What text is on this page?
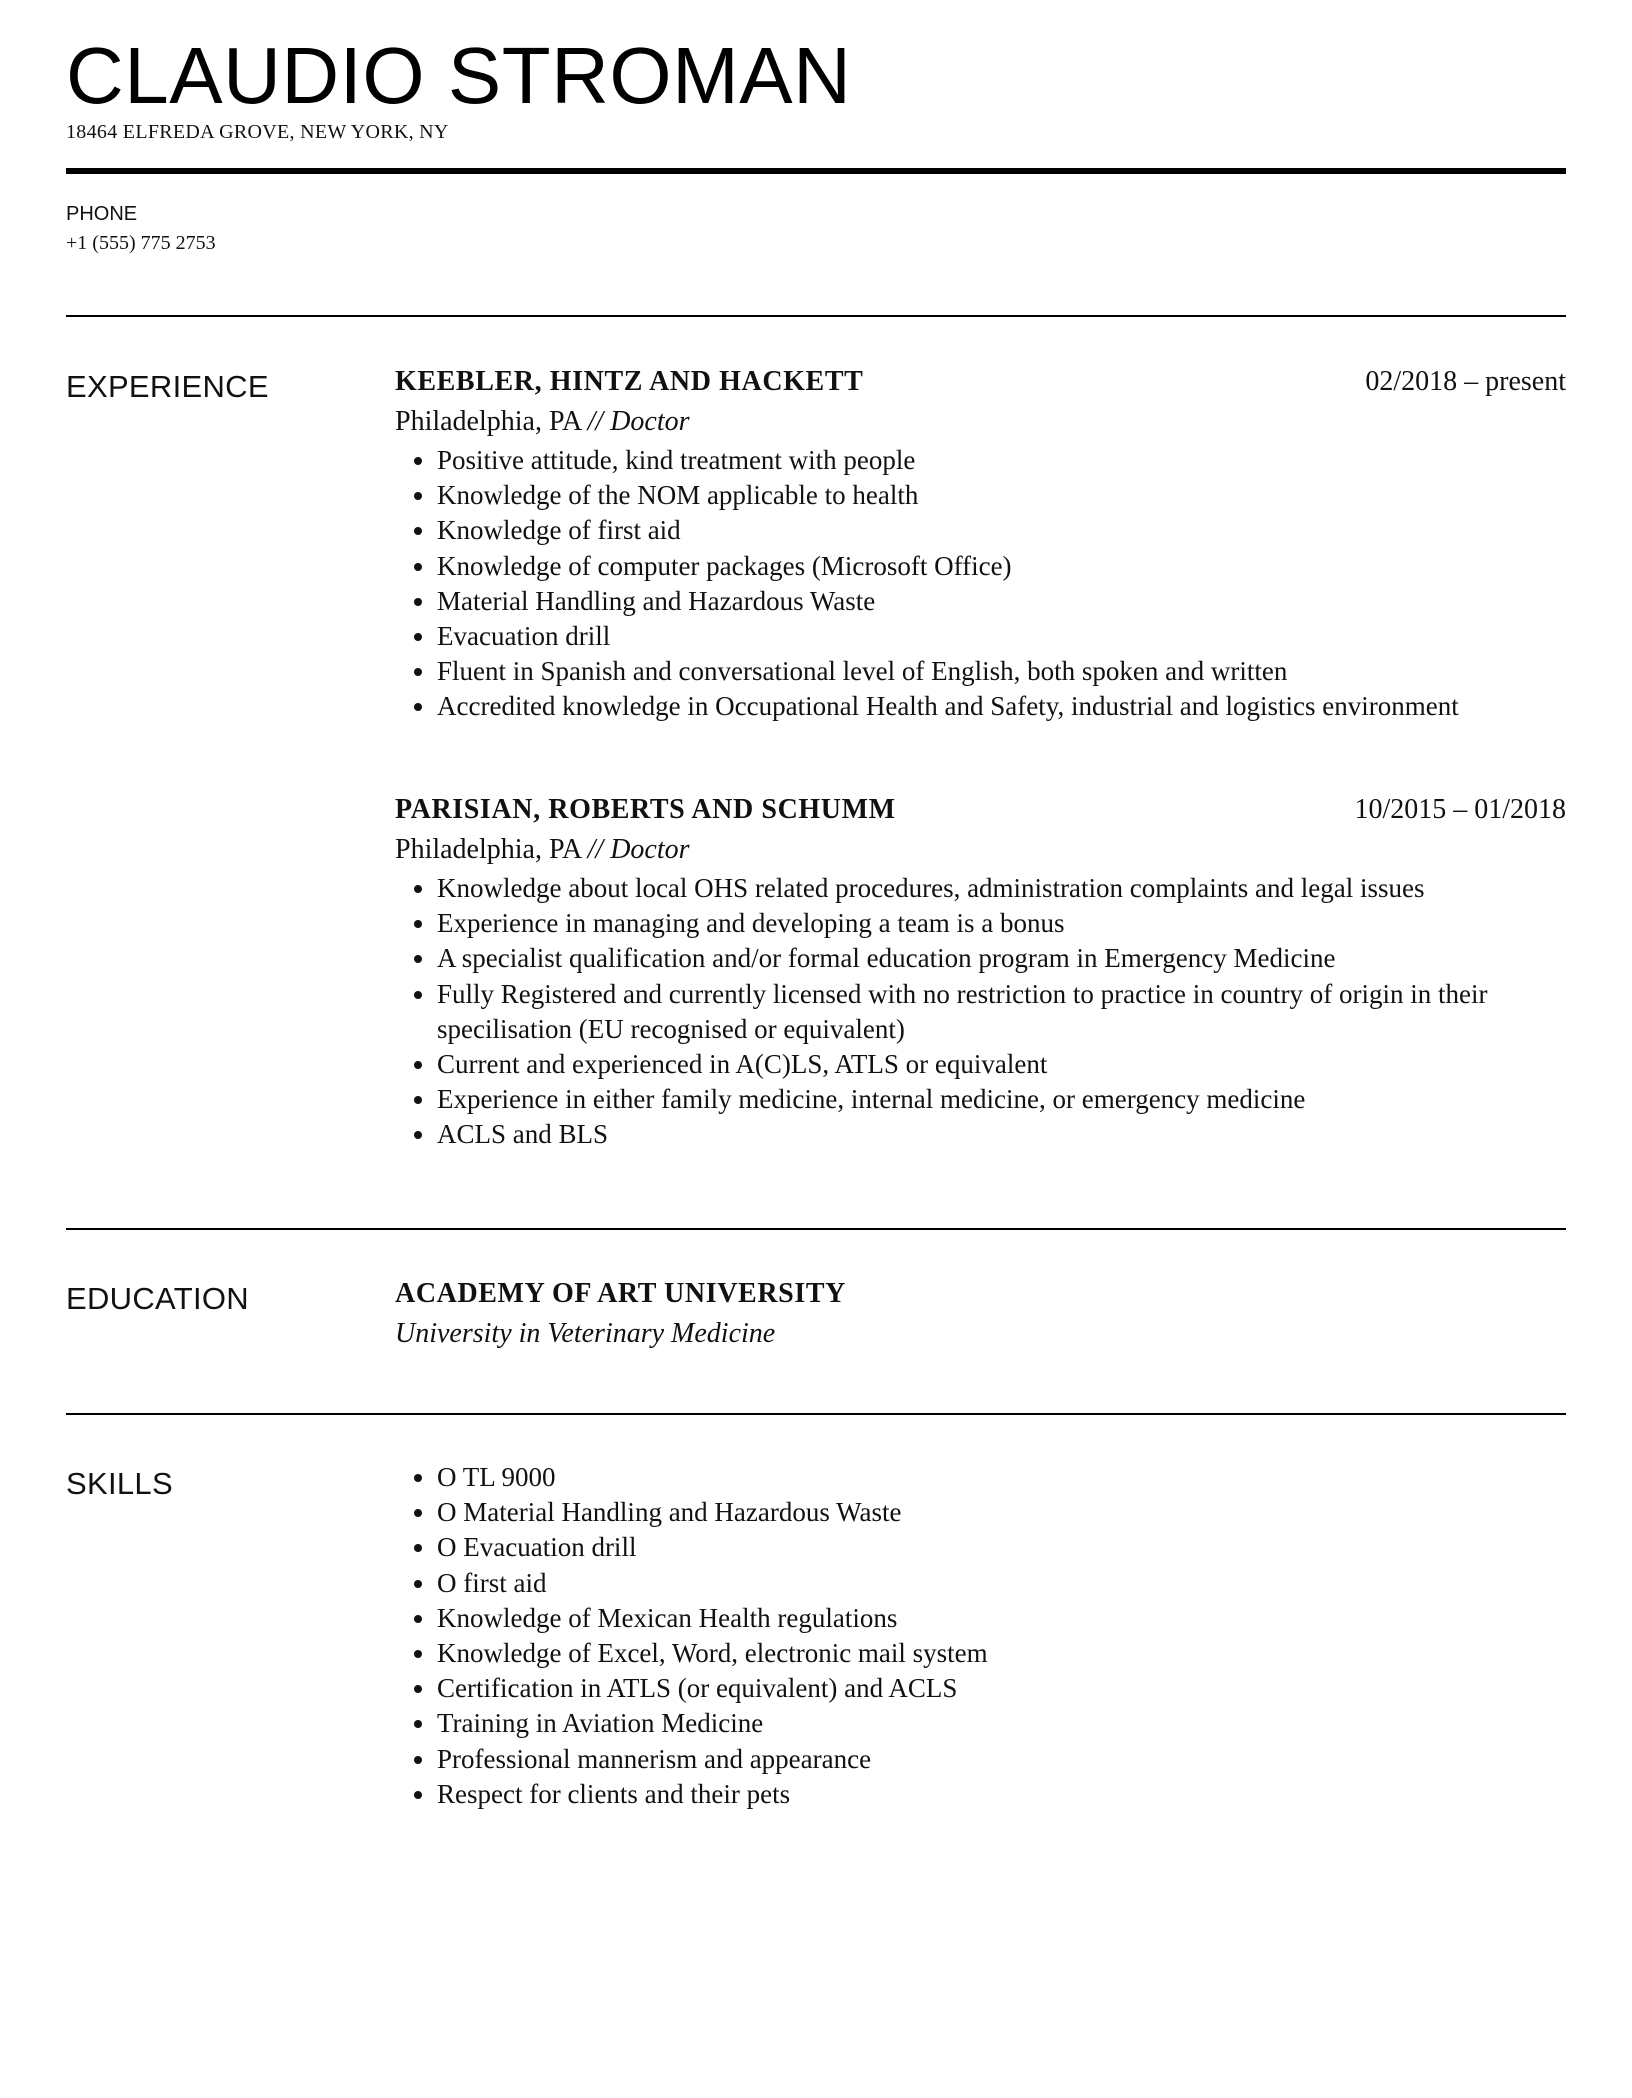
CLAUDIO STROMAN
18464 ELFREDA GROVE, NEW YORK, NY
PHONE
+1 (555) 775 2753
EXPERIENCE	KEEBLER, HINTZ AND HACKETT	02/2018 – present
Philadelphia, PA // Doctor
• Positive attitude, kind treatment with people
• Knowledge of the NOM applicable to health
• Knowledge of first aid
• Knowledge of computer packages (Microsoft Office)
• Material Handling and Hazardous Waste
• Evacuation drill
• Fluent in Spanish and conversational level of English, both spoken and written
• Accredited knowledge in Occupational Health and Safety, industrial and logistics environment
PARISIAN, ROBERTS AND SCHUMM	10/2015 – 01/2018
Philadelphia, PA // Doctor
• Knowledge about local OHS related procedures, administration complaints and legal issues
• Experience in managing and developing a team is a bonus
• A specialist qualification and/or formal education program in Emergency Medicine
• Fully Registered and currently licensed with no restriction to practice in country of origin in their specilisation (EU recognised or equivalent)
• Current and experienced in A(C)LS, ATLS or equivalent
• Experience in either family medicine, internal medicine, or emergency medicine
• ACLS and BLS
EDUCATION	ACADEMY OF ART UNIVERSITY
University in Veterinary Medicine
SKILLS
•	O TL 9000
• O Material Handling and Hazardous Waste
• O Evacuation drill
• O first aid
• Knowledge of Mexican Health regulations
• Knowledge of Excel, Word, electronic mail system
• Certification in ATLS (or equivalent) and ACLS
• Training in Aviation Medicine
• Professional mannerism and appearance
• Respect for clients and their pets
